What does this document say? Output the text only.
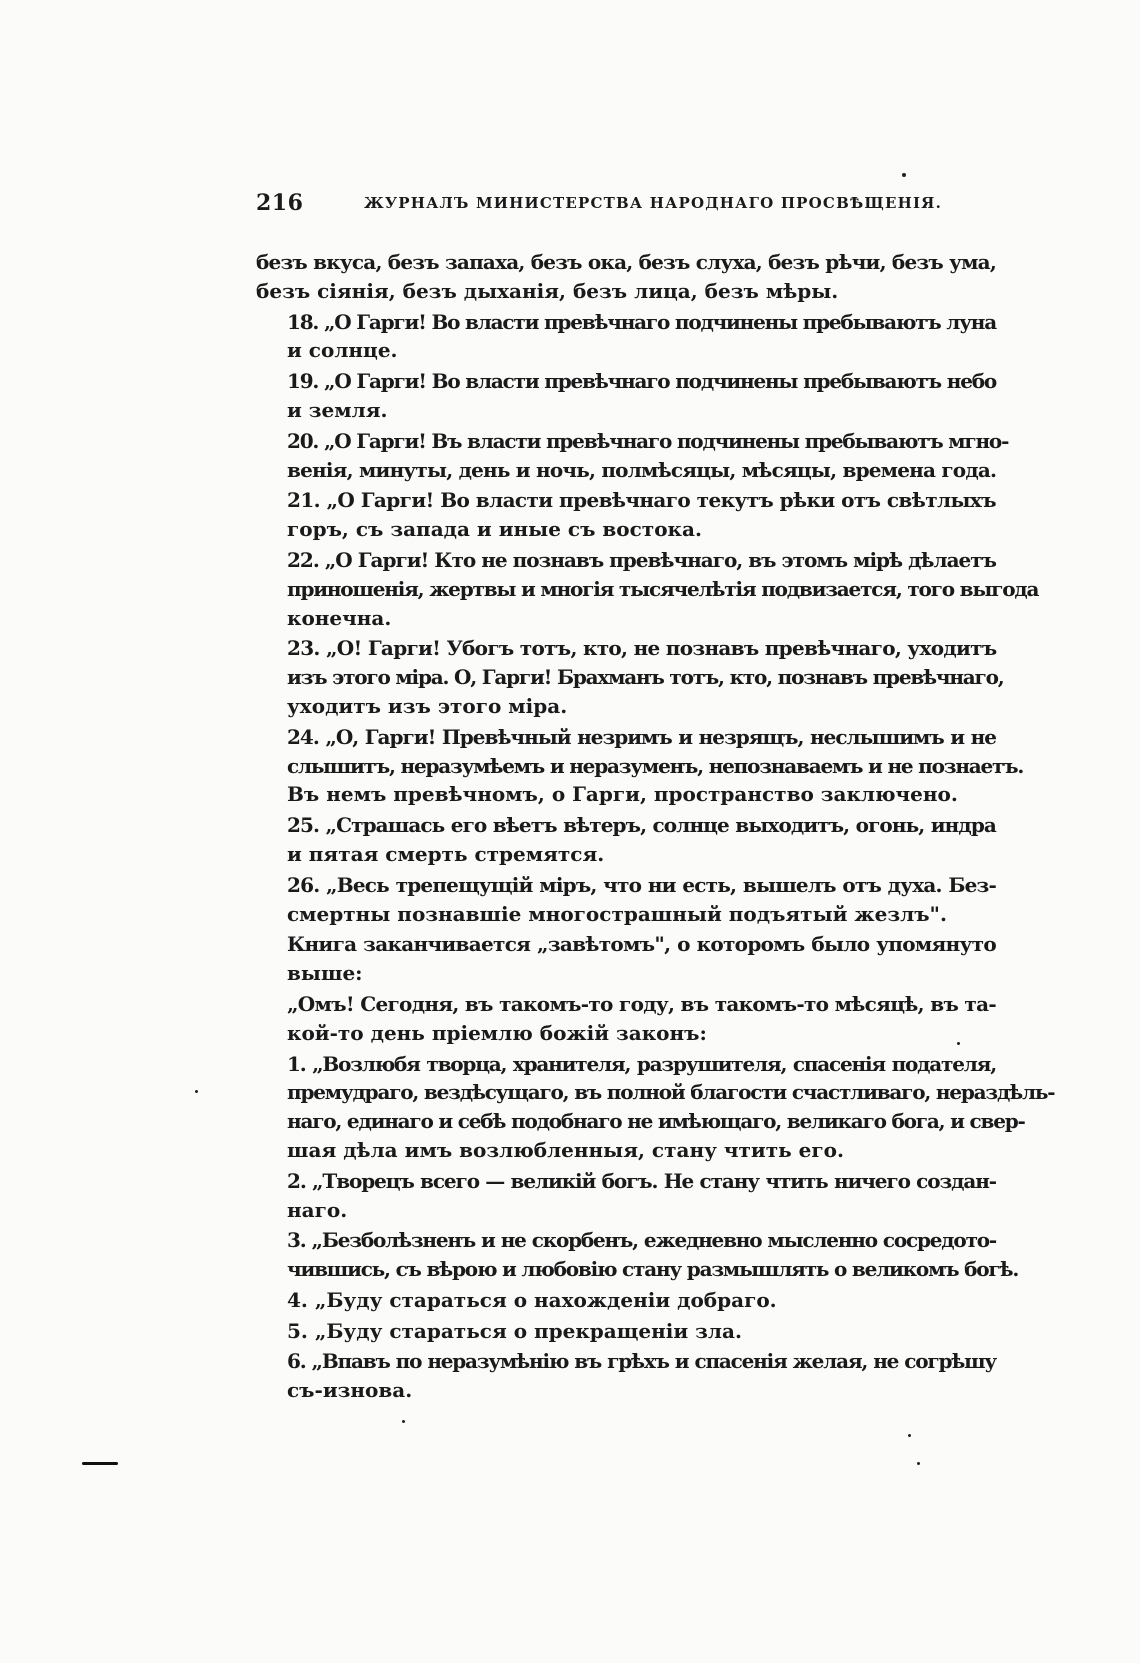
216	ЖУРНАЛЪ МИНИСТЕРСТВА НАРОДНАГО ПРОСВѢЩЕНІЯ.
безъ вкуса, безъ запаха, безъ ока, безъ слуха, безъ рѣчи, безъ ума,
безъ сіянія, безъ дыханія, безъ лица, безъ мѣры.
18. „О Гарги! Во власти превѣчнаго подчинены пребываютъ луна
и солнце.
19. „О Гарги! Во власти превѣчнаго подчинены пребываютъ небо
и земля.
20. „О Гарги! Въ власти превѣчнаго подчинены пребываютъ мгно-
венія, минуты, день и ночь, полмѣсяцы, мѣсяцы, времена года.
21. „О Гарги! Во власти превѣчнаго текутъ рѣки отъ свѣтлыхъ
горъ, съ запада и иные съ востока.
22. „О Гарги! Кто не познавъ превѣчнаго, въ этомъ мірѣ дѣлаетъ
приношенія, жертвы и многія тысячелѣтія подвизается, того выгода
конечна.
23. „О! Гарги! Убогъ тотъ, кто, не познавъ превѣчнаго, уходитъ
изъ этого міра. О, Гарги! Брахманъ тотъ, кто, познавъ превѣчнаго,
уходитъ изъ этого міра.
24. „О, Гарги! Превѣчный незримъ и незрящъ, неслышимъ и не
слышитъ, неразумѣемъ и неразуменъ, непознаваемъ и не познаетъ.
Въ немъ превѣчномъ, о Гарги, пространство заключено.
25. „Страшась его вѣетъ вѣтеръ, солнце выходитъ, огонь, индра
и пятая смерть стремятся.
26. „Весь трепещущій міръ, что ни есть, вышелъ отъ духа. Без-
смертны познавшіе многострашный подъятый жезлъ".
Книга заканчивается „завѣтомъ", о которомъ было упомянуто
выше:
„Омъ! Сегодня, въ такомъ-то году, въ такомъ-то мѣсяцѣ, въ та-
кой-то день пріемлю божій законъ:
1. „Возлюбя творца, хранителя, разрушителя, спасенія подателя,
премудраго, вездѣсущаго, въ полной благости счастливаго, нераздѣль-
наго, единаго и себѣ подобнаго не имѣющаго, великаго бога, и свер-
шая дѣла имъ возлюбленныя, стану чтить его.
2. „Творецъ всего — великій богъ. Не стану чтить ничего создан-
наго.
3. „Безболѣзненъ и не скорбенъ, ежедневно мысленно сосредото-
чившись, съ вѣрою и любовію стану размышлять о великомъ богѣ.
4. „Буду стараться о нахожденіи добраго.
5. „Буду стараться о прекращеніи зла.
6. „Впавъ по неразумѣнію въ грѣхъ и спасенія желая, не согрѣшу
съ-изнова.
